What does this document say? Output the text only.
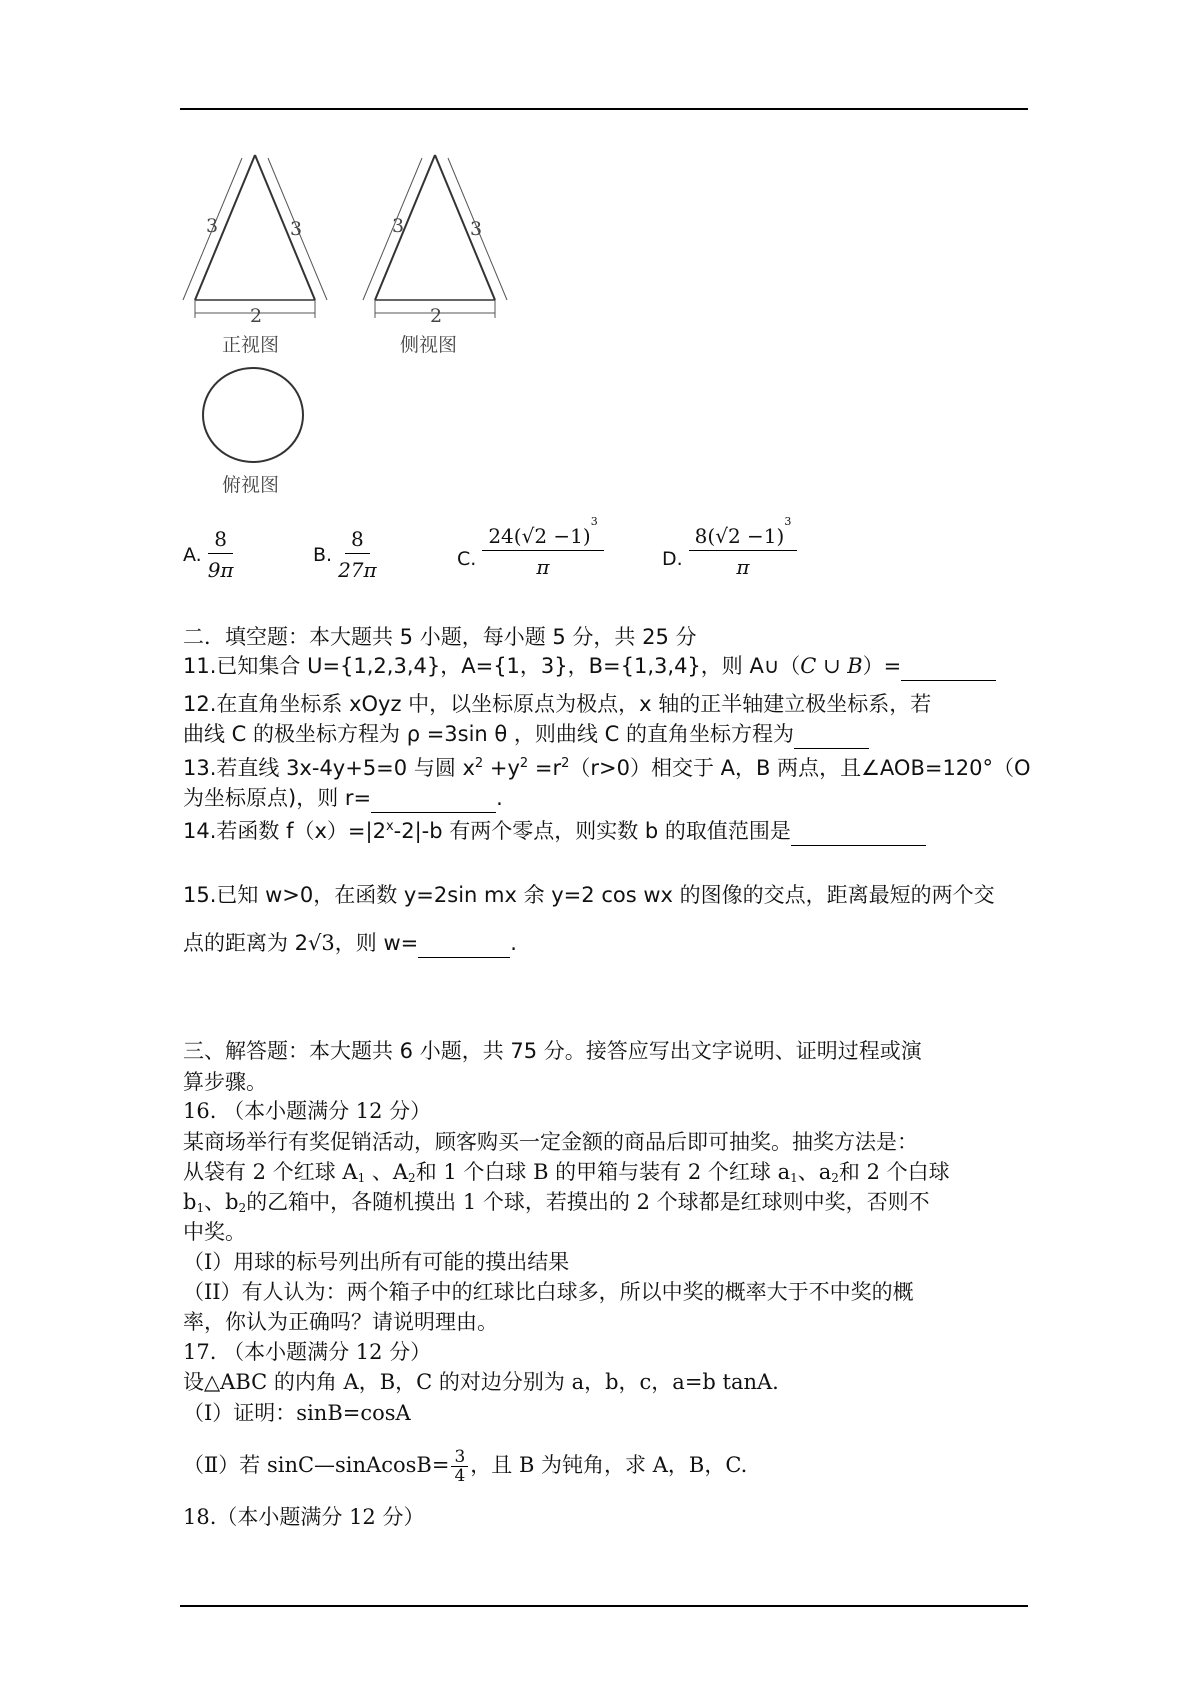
3	3
2
正视图
3	3
2
侧视图
俯视图
A. $\frac{8}{9\pi}$	B. $\frac{8}{27\pi}$	C. $\frac{24(√2 -1)^3}{\pi}$	D. $\frac{8(√2 -1)^3}{\pi}$
二．填空题：本大题共 5 小题，每小题 5 分，共 25 分
11.已知集合 U={1,2,3,4}，A={1，3}，B={1,3,4}，则 A∪（C ∪ B）=
12.在直角坐标系 xOyz 中，以坐标原点为极点，x 轴的正半轴建立极坐标系，若
曲线 C 的极坐标方程为 ρ =3sin θ ，则曲线 C 的直角坐标方程为
13.若直线 3x-4y+5=0 与圆 $x^2 +y^2 =r^2(r>0)$相交于 A，B 两点，且∠AOB=120°（O
为坐标原点)，则 r=	.
14.若函数 $f(x)=|2^x-2|-b$ 有两个零点，则实数 b 的取值范围是
15.已知 w>0，在函数 y=2sin mx 余 y=2 cos wx 的图像的交点，距离最短的两个交
点的距离为 2√3，则 w=	.
三、解答题：本大题共 6 小题，共 75 分。接答应写出文字说明、证明过程或演
算步骤。
16. （本小题满分 12 分）
某商场举行有奖促销活动，顾客购买一定金额的商品后即可抽奖。抽奖方法是：
从袋有 2 个红球 $A_1$ 、$A_2$和 1 个白球 B 的甲箱与装有 2 个红球 $a_1$、$a_2$和 2 个白球
$b_1$、$b_2$的乙箱中，各随机摸出 1 个球，若摸出的 2 个球都是红球则中奖，否则不
中奖。
（I）用球的标号列出所有可能的摸出结果
（II）有人认为：两个箱子中的红球比白球多，所以中奖的概率大于不中奖的概
率，你认为正确吗？请说明理由。
17. （本小题满分 12 分）
设△ABC 的内角 A，B，C 的对边分别为 a，b，c，a=b tanA.
（Ⅰ）证明：sinB=cosA
（Ⅱ）若 sinC—sinAcosB= $\frac{3}{4}$ ，且 B 为钝角，求 A，B，C.
18.（本小题满分 12 分）
